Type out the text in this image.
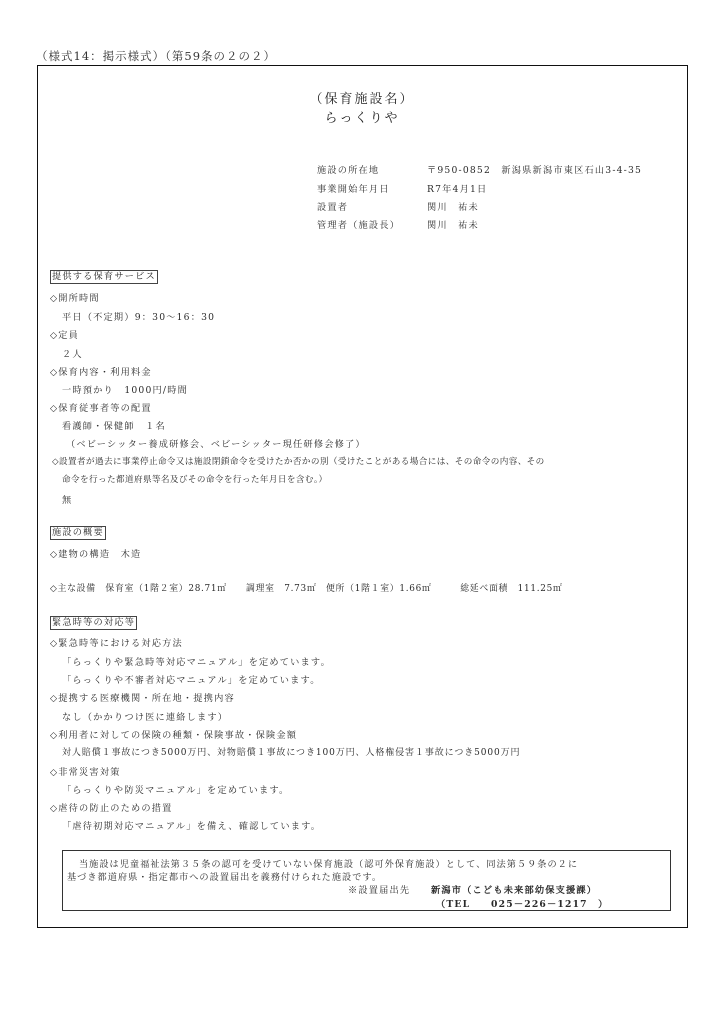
（様式14：掲示様式）（第59条の２の２）
（保育施設名）
らっくりや
施設の所在地	〒950-0852　新潟県新潟市東区石山3-4-35
事業開始年月日	R7年4月1日
設置者	関川　祐未
管理者（施設長）	関川　祐未
提供する保育サービス
◇開所時間
平日（不定期）9：30～16：30
◇定員
２人
◇保育内容・利用料金
一時預かり　1000円/時間
◇保育従事者等の配置
看護師・保健師　１名
（ベビーシッター養成研修会、ベビーシッター現任研修会修了）
◇設置者が過去に事業停止命令又は施設閉鎖命令を受けたか否かの別（受けたことがある場合には、その命令の内容、その
命令を行った都道府県等名及びその命令を行った年月日を含む。）
無
施設の概要
◇建物の構造　木造
◇主な設備　保育室（1階２室）28.71㎡　　調理室　7.73㎡　便所（1階１室）1.66㎡　　　総延べ面積　111.25㎡
緊急時等の対応等
◇緊急時等における対応方法
「らっくりや緊急時等対応マニュアル」を定めています。
「らっくりや不審者対応マニュアル」を定めています。
◇提携する医療機関・所在地・提携内容
なし（かかりつけ医に連絡します）
◇利用者に対しての保険の種類・保険事故・保険金額
対人賠償１事故につき5000万円、対物賠償１事故につき100万円、人格権侵害１事故につき5000万円
◇非常災害対策
「らっくりや防災マニュアル」を定めています。
◇虐待の防止のための措置
「虐待初期対応マニュアル」を備え、確認しています。
当施設は児童福祉法第３５条の認可を受けていない保育施設（認可外保育施設）として、同法第５９条の２に
基づき都道府県・指定都市への設置届出を義務付けられた施設です。
※設置届出先 新潟市（こども未来部幼保支援課）
（TEL　　025－226－1217　）
